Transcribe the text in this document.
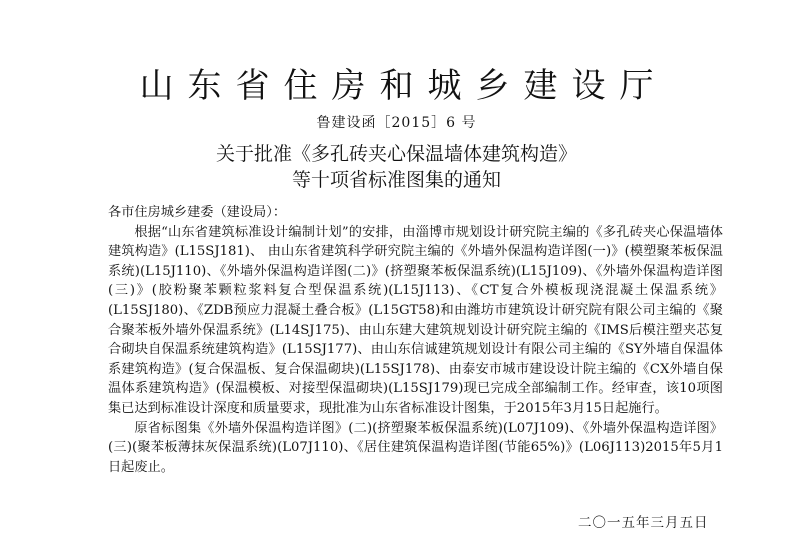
山东省住房和城乡建设厅
鲁建设函［2015］6 号
关于批准《多孔砖夹心保温墙体建筑构造》
等十项省标准图集的通知

各市住房城乡建委（建设局）：

根据“山东省建筑标准设计编制计划”的安排，由淄博市规划设计研究院主编的《多孔砖夹心保温墙体建筑构造》(L15SJ181)、 由山东省建筑科学研究院主编的《外墙外保温构造详图(一)》(模塑聚苯板保温系统)(L15J110)、《外墙外保温构造详图(二)》(挤塑聚苯板保温系统)(L15J109)、《外墙外保温构造详图(三)》(胶粉聚苯颗粒浆料复合型保温系统)(L15J113)、《CT复合外模板现浇混凝土保温系统》(L15SJ180)、《ZDB预应力混凝土叠合板》(L15GT58)和由潍坊市建筑设计研究院有限公司主编的《聚合聚苯板外墙外保温系统》(L14SJ175)、由山东建大建筑规划设计研究院主编的《IMS后模注塑夹芯复合砌块自保温系统建筑构造》(L15SJ177)、由山东信诚建筑规划设计有限公司主编的《SY外墙自保温体系建筑构造》(复合保温板、复合保温砌块)(L15SJ178)、由泰安市城市建设设计院主编的《CX外墙自保温体系建筑构造》(保温模板、对接型保温砌块)(L15SJ179)现已完成全部编制工作。经审查，该10项图集已达到标准设计深度和质量要求，现批准为山东省标准设计图集，于2015年3月15日起施行。

原省标图集《外墙外保温构造详图》(二)(挤塑聚苯板保温系统)(L07J109)、《外墙外保温构造详图》(三)(聚苯板薄抹灰保温系统)(L07J110)、《居住建筑保温构造详图(节能65%)》(L06J113)2015年5月1日起废止。

二〇一五年三月五日
